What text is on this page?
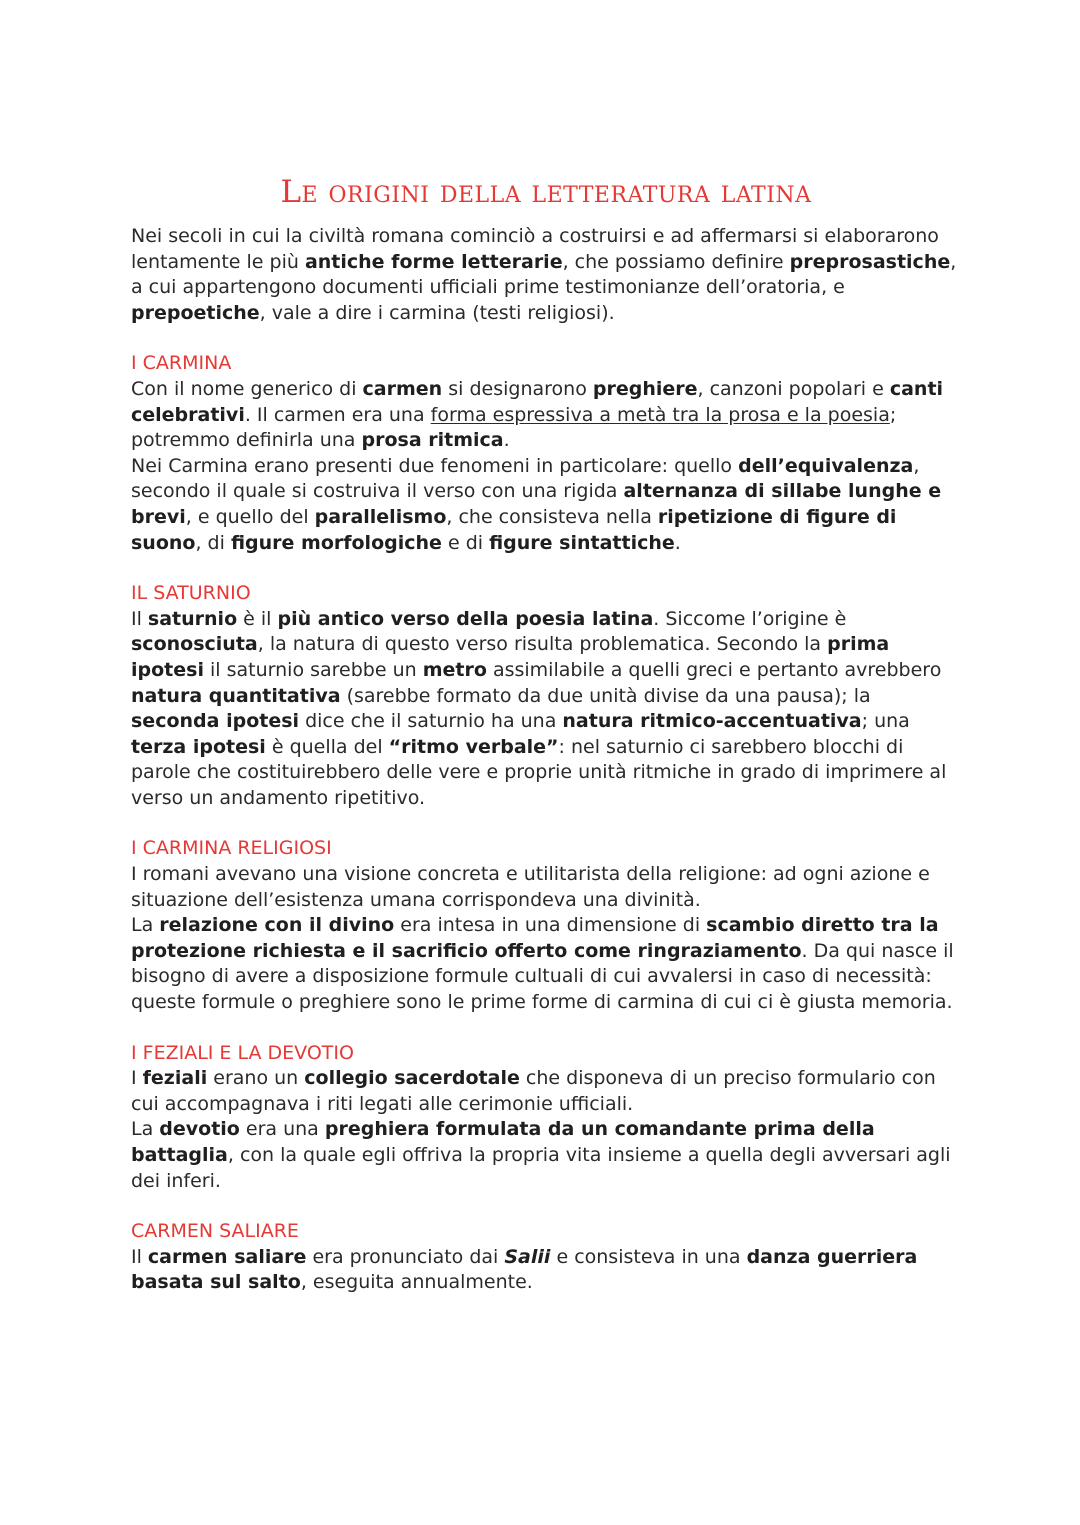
Le origini della letteratura latina

Nei secoli in cui la civiltà romana cominciò a costruirsi e ad affermarsi si elaborarono lentamente le più antiche forme letterarie, che possiamo definire preprosastiche, a cui appartengono documenti ufficiali prime testimonianze dell’oratoria, e prepoetiche, vale a dire i carmina (testi religiosi).

I CARMINA

Con il nome generico di carmen si designarono preghiere, canzoni popolari e canti celebrativi. Il carmen era una forma espressiva a metà tra la prosa e la poesia; potremmo definirla una prosa ritmica.

Nei Carmina erano presenti due fenomeni in particolare: quello dell’equivalenza, secondo il quale si costruiva il verso con una rigida alternanza di sillabe lunghe e brevi, e quello del parallelismo, che consisteva nella ripetizione di figure di suono, di figure morfologiche e di figure sintattiche.

IL SATURNIO

Il saturnio è il più antico verso della poesia latina. Siccome l’origine è sconosciuta, la natura di questo verso risulta problematica. Secondo la prima ipotesi il saturnio sarebbe un metro assimilabile a quelli greci e pertanto avrebbero natura quantitativa (sarebbe formato da due unità divise da una pausa); la seconda ipotesi dice che il saturnio ha una natura ritmico-accentuativa; una terza ipotesi è quella del “ritmo verbale”: nel saturnio ci sarebbero blocchi di parole che costituirebbero delle vere e proprie unità ritmiche in grado di imprimere al verso un andamento ripetitivo.

I CARMINA RELIGIOSI

I romani avevano una visione concreta e utilitarista della religione: ad ogni azione e situazione dell’esistenza umana corrispondeva una divinità.

La relazione con il divino era intesa in una dimensione di scambio diretto tra la protezione richiesta e il sacrificio offerto come ringraziamento. Da qui nasce il bisogno di avere a disposizione formule cultuali di cui avvalersi in caso di necessità: queste formule o preghiere sono le prime forme di carmina di cui ci è giusta memoria.

I FEZIALI E LA DEVOTIO

I feziali erano un collegio sacerdotale che disponeva di un preciso formulario con cui accompagnava i riti legati alle cerimonie ufficiali.

La devotio era una preghiera formulata da un comandante prima della battaglia, con la quale egli offriva la propria vita insieme a quella degli avversari agli dei inferi.

CARMEN SALIARE

Il carmen saliare era pronunciato dai Salii e consisteva in una danza guerriera basata sul salto, eseguita annualmente.
